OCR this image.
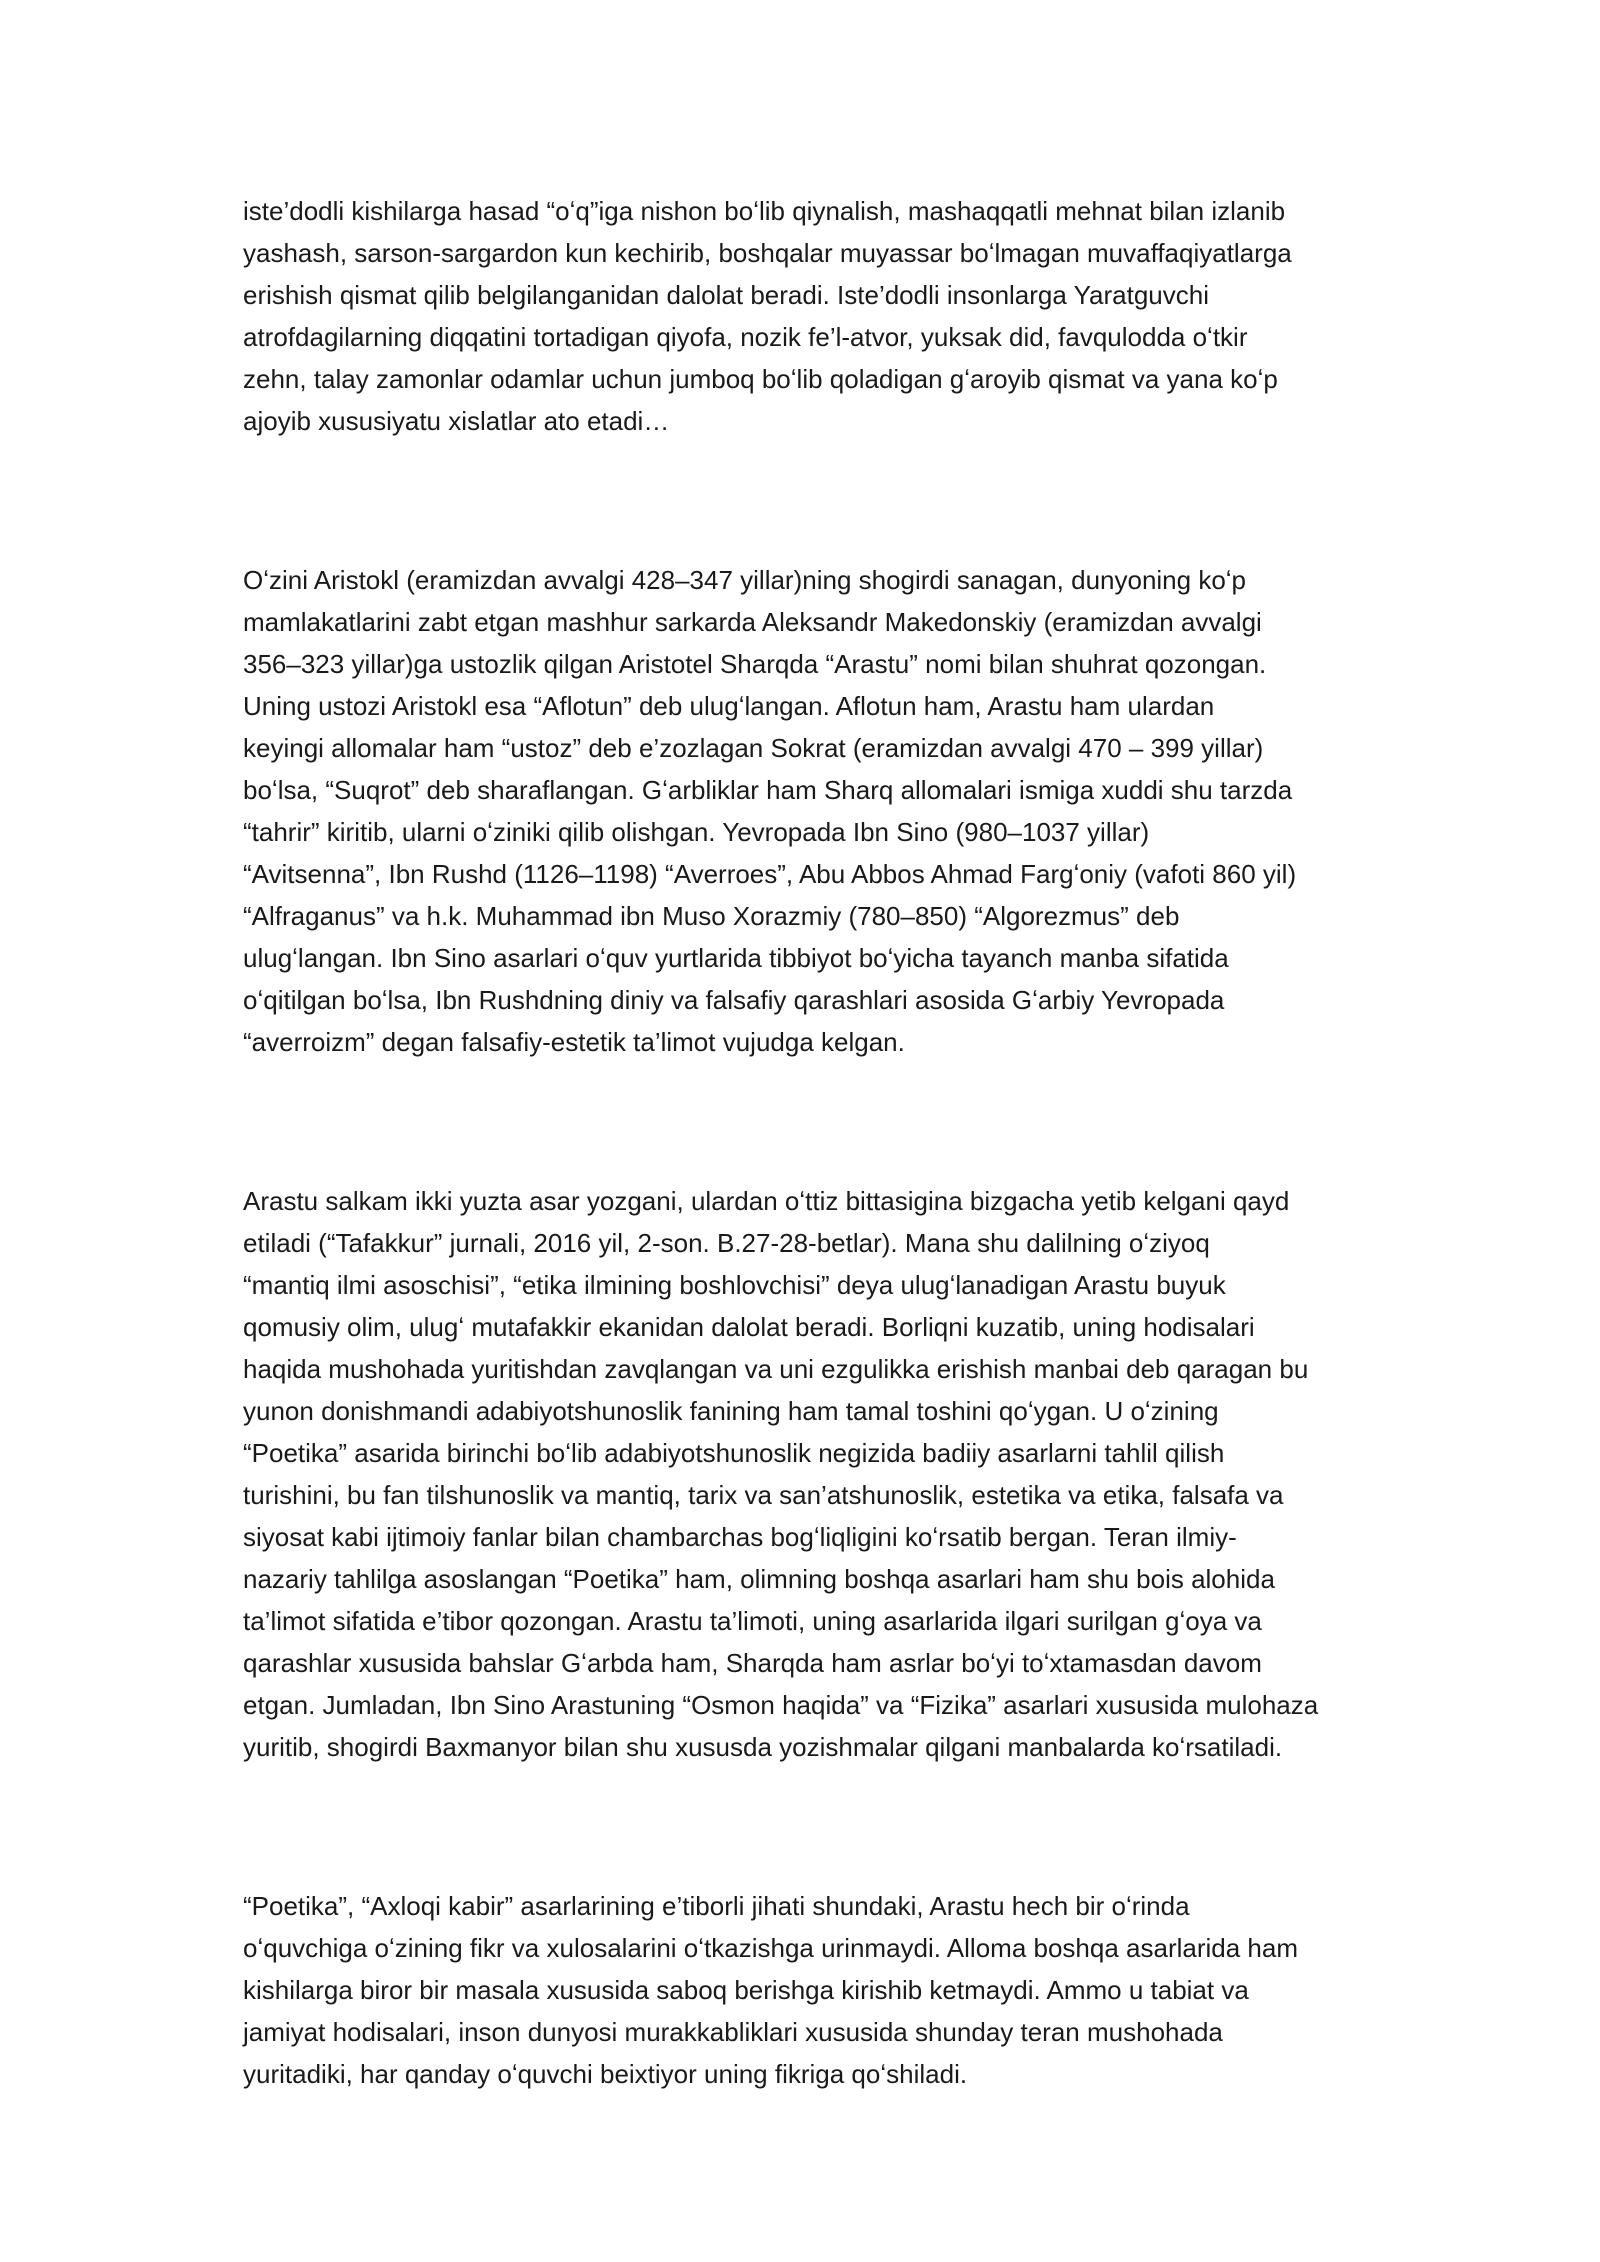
iste’dodli kishilarga hasad “oʻq”iga nishon boʻlib qiynalish, mashaqqatli mehnat bilan izlanib
yashash, sarson-sargardon kun kechirib, boshqalar muyassar boʻlmagan muvaffaqiyatlarga
erishish qismat qilib belgilanganidan dalolat beradi. Iste’dodli insonlarga Yaratguvchi
atrofdagilarning diqqatini tortadigan qiyofa, nozik fe’l-atvor, yuksak did, favqulodda oʻtkir
zehn, talay zamonlar odamlar uchun jumboq boʻlib qoladigan gʻaroyib qismat va yana koʻp
ajoyib xususiyatu xislatlar ato etadi…

Oʻzini Aristokl (eramizdan avvalgi 428–347 yillar)ning shogirdi sanagan, dunyoning koʻp
mamlakatlarini zabt etgan mashhur sarkarda Aleksandr Makedonskiy (eramizdan avvalgi
356–323 yillar)ga ustozlik qilgan Aristotel Sharqda “Arastu” nomi bilan shuhrat qozongan.
Uning ustozi Aristokl esa “Aflotun” deb ulugʻlangan. Aflotun ham, Arastu ham ulardan
keyingi allomalar ham “ustoz” deb e’zozlagan Sokrat (eramizdan avvalgi 470 – 399 yillar)
boʻlsa, “Suqrot” deb sharaflangan. Gʻarbliklar ham Sharq allomalari ismiga xuddi shu tarzda
“tahrir” kiritib, ularni oʻziniki qilib olishgan. Yevropada Ibn Sino (980–1037 yillar)
“Avitsenna”, Ibn Rushd (1126–1198) “Averroes”, Abu Abbos Ahmad Fargʻoniy (vafoti 860 yil)
“Alfraganus” va h.k. Muhammad ibn Muso Xorazmiy (780–850) “Algorezmus” deb
ulugʻlangan. Ibn Sino asarlari oʻquv yurtlarida tibbiyot boʻyicha tayanch manba sifatida
oʻqitilgan boʻlsa, Ibn Rushdning diniy va falsafiy qarashlari asosida Gʻarbiy Yevropada
“averroizm” degan falsafiy-estetik ta’limot vujudga kelgan.

Arastu salkam ikki yuzta asar yozgani, ulardan oʻttiz bittasigina bizgacha yetib kelgani qayd
etiladi (“Tafakkur” jurnali, 2016 yil, 2-son. B.27-28-betlar). Mana shu dalilning oʻziyoq
“mantiq ilmi asoschisi”, “etika ilmining boshlovchisi” deya ulugʻlanadigan Arastu buyuk
qomusiy olim, ulugʻ mutafakkir ekanidan dalolat beradi. Borliqni kuzatib, uning hodisalari
haqida mushohada yuritishdan zavqlangan va uni ezgulikka erishish manbai deb qaragan bu
yunon donishmandi adabiyotshunoslik fanining ham tamal toshini qoʻygan. U oʻzining
“Poetika” asarida birinchi boʻlib adabiyotshunoslik negizida badiiy asarlarni tahlil qilish
turishini, bu fan tilshunoslik va mantiq, tarix va san’atshunoslik, estetika va etika, falsafa va
siyosat kabi ijtimoiy fanlar bilan chambarchas bogʻliqligini koʻrsatib bergan. Teran ilmiy-
nazariy tahlilga asoslangan “Poetika” ham, olimning boshqa asarlari ham shu bois alohida
ta’limot sifatida e’tibor qozongan. Arastu ta’limoti, uning asarlarida ilgari surilgan gʻoya va
qarashlar xususida bahslar Gʻarbda ham, Sharqda ham asrlar boʻyi toʻxtamasdan davom
etgan. Jumladan, Ibn Sino Arastuning “Osmon haqida” va “Fizika” asarlari xususida mulohaza
yuritib, shogirdi Baxmanyor bilan shu xususda yozishmalar qilgani manbalarda koʻrsatiladi.

“Poetika”, “Axloqi kabir” asarlarining e’tiborli jihati shundaki, Arastu hech bir oʻrinda
oʻquvchiga oʻzining fikr va xulosalarini oʻtkazishga urinmaydi. Alloma boshqa asarlarida ham
kishilarga biror bir masala xususida saboq berishga kirishib ketmaydi. Ammo u tabiat va
jamiyat hodisalari, inson dunyosi murakkabliklari xususida shunday teran mushohada
yuritadiki, har qanday oʻquvchi beixtiyor uning fikriga qoʻshiladi.
